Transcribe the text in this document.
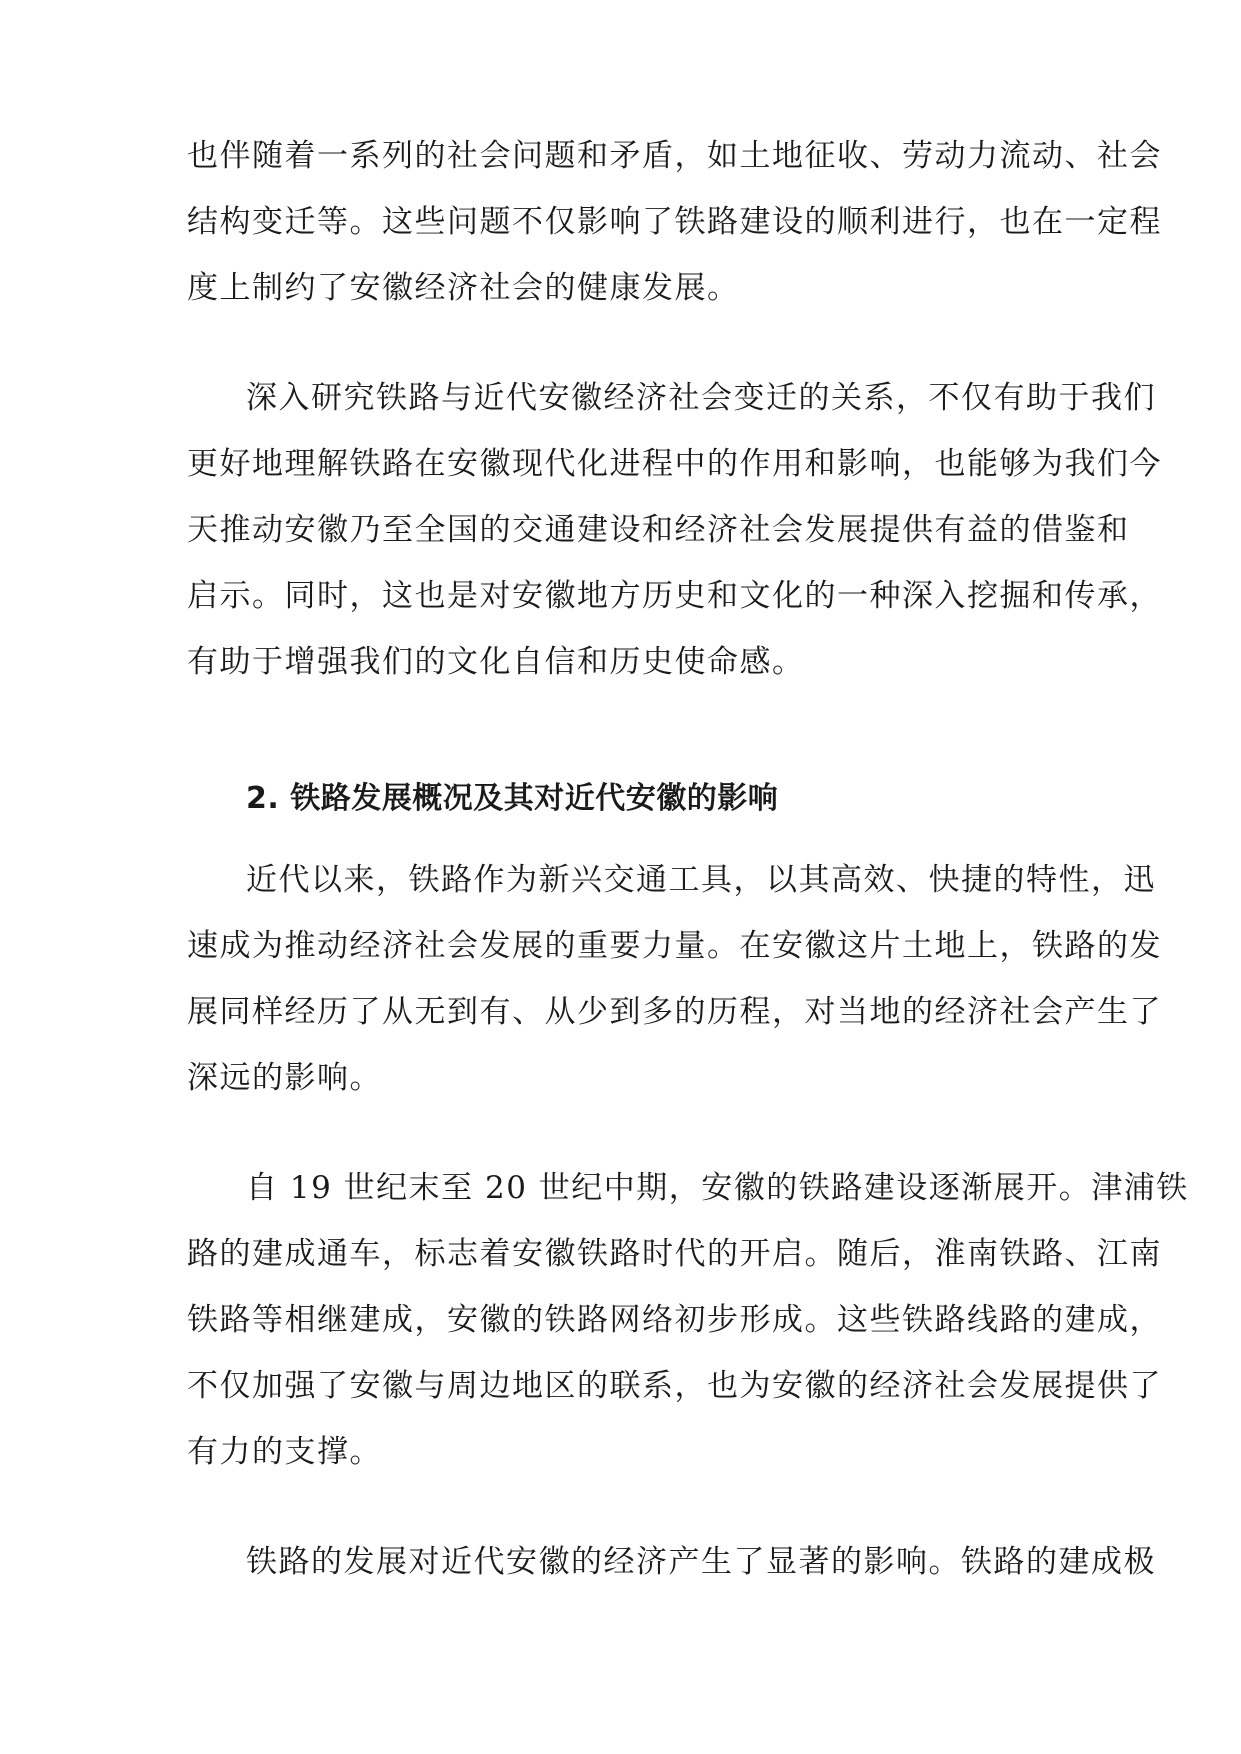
也伴随着一系列的社会问题和矛盾，如土地征收、劳动力流动、社会
结构变迁等。这些问题不仅影响了铁路建设的顺利进行，也在一定程
度上制约了安徽经济社会的健康发展。
深入研究铁路与近代安徽经济社会变迁的关系，不仅有助于我们
更好地理解铁路在安徽现代化进程中的作用和影响，也能够为我们今
天推动安徽乃至全国的交通建设和经济社会发展提供有益的借鉴和
启示。同时，这也是对安徽地方历史和文化的一种深入挖掘和传承，
有助于增强我们的文化自信和历史使命感。
2. 铁路发展概况及其对近代安徽的影响
近代以来，铁路作为新兴交通工具，以其高效、快捷的特性，迅
速成为推动经济社会发展的重要力量。在安徽这片土地上，铁路的发
展同样经历了从无到有、从少到多的历程，对当地的经济社会产生了
深远的影响。
自 19 世纪末至 20 世纪中期，安徽的铁路建设逐渐展开。津浦铁
路的建成通车，标志着安徽铁路时代的开启。随后，淮南铁路、江南
铁路等相继建成，安徽的铁路网络初步形成。这些铁路线路的建成，
不仅加强了安徽与周边地区的联系，也为安徽的经济社会发展提供了
有力的支撑。
铁路的发展对近代安徽的经济产生了显著的影响。铁路的建成极
